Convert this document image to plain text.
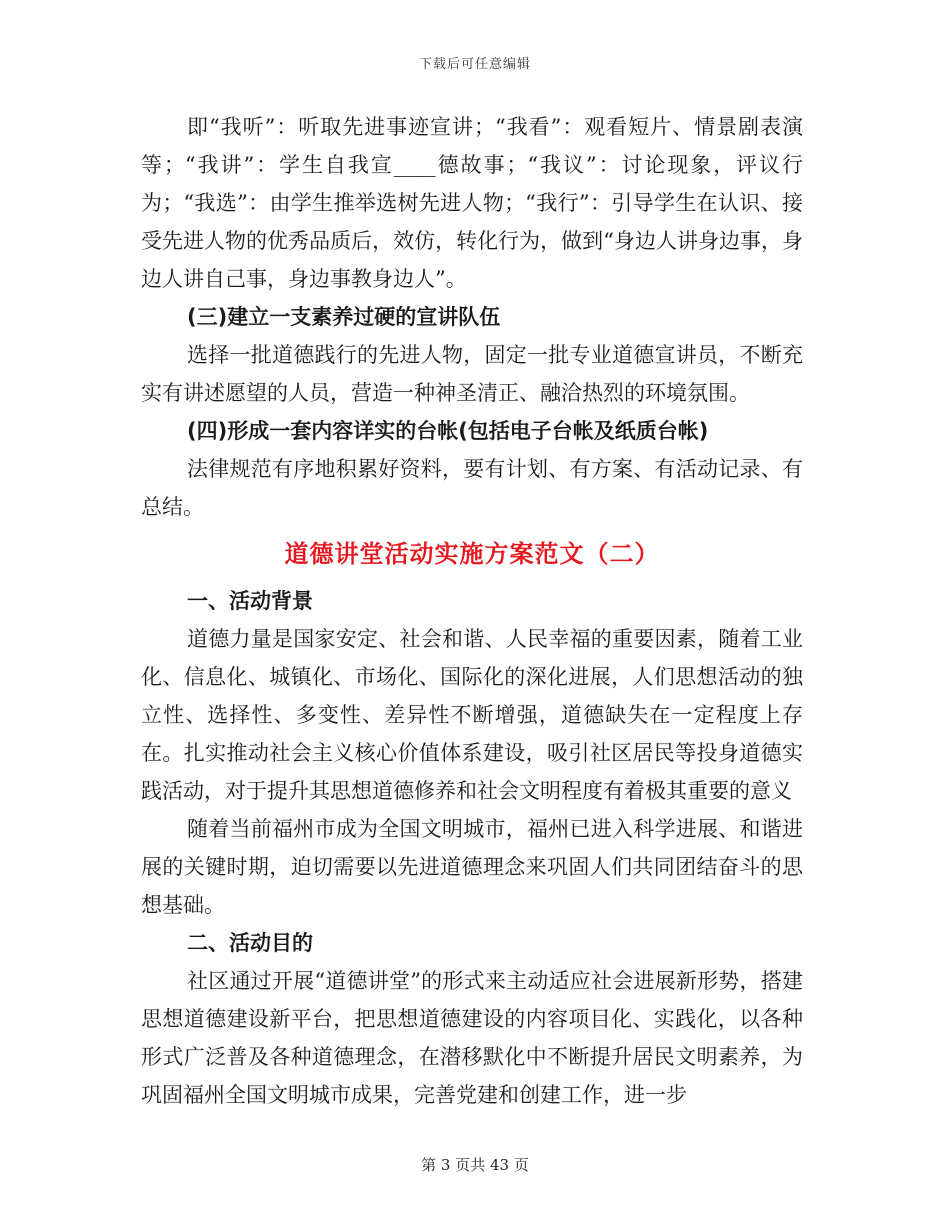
下载后可任意编辑

即“我听”：听取先进事迹宣讲；“我看”：观看短片、情景剧表演等；“我讲”：学生自我宣____德故事；“我议”：讨论现象，评议行为；“我选”：由学生推举选树先进人物；“我行”：引导学生在认识、接受先进人物的优秀品质后，效仿，转化行为，做到“身边人讲身边事，身边人讲自己事，身边事教身边人”。

(三)建立一支素养过硬的宣讲队伍

选择一批道德践行的先进人物，固定一批专业道德宣讲员，不断充实有讲述愿望的人员，营造一种神圣清正、融洽热烈的环境氛围。

(四)形成一套内容详实的台帐(包括电子台帐及纸质台帐)

法律规范有序地积累好资料，要有计划、有方案、有活动记录、有总结。

道德讲堂活动实施方案范文（二）

一、活动背景

道德力量是国家安定、社会和谐、人民幸福的重要因素，随着工业化、信息化、城镇化、市场化、国际化的深化进展，人们思想活动的独立性、选择性、多变性、差异性不断增强，道德缺失在一定程度上存在。扎实推动社会主义核心价值体系建设，吸引社区居民等投身道德实践活动，对于提升其思想道德修养和社会文明程度有着极其重要的意义

随着当前福州市成为全国文明城市，福州已进入科学进展、和谐进展的关键时期，迫切需要以先进道德理念来巩固人们共同团结奋斗的思想基础。

二、活动目的

社区通过开展“道德讲堂”的形式来主动适应社会进展新形势，搭建思想道德建设新平台，把思想道德建设的内容项目化、实践化，以各种形式广泛普及各种道德理念，在潜移默化中不断提升居民文明素养，为巩固福州全国文明城市成果，完善党建和创建工作，进一步

第 3 页共 43 页
